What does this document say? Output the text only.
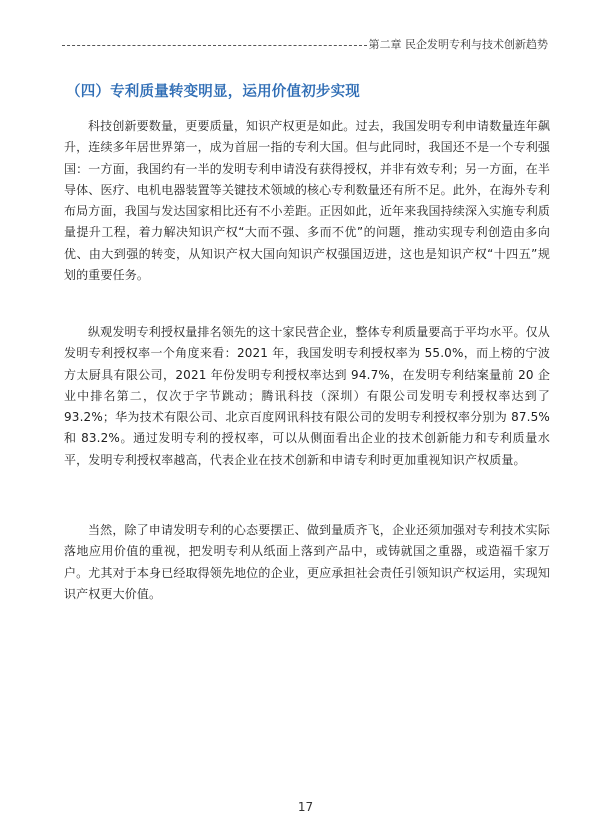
第二章 民企发明专利与技术创新趋势
（四）专利质量转变明显，运用价值初步实现

科技创新要数量，更要质量，知识产权更是如此。过去，我国发明专利申请数量连年飙升，连续多年居世界第一，成为首屈一指的专利大国。但与此同时，我国还不是一个专利强国：一方面，我国约有一半的发明专利申请没有获得授权，并非有效专利；另一方面，在半导体、医疗、电机电器装置等关键技术领域的核心专利数量还有所不足。此外，在海外专利布局方面，我国与发达国家相比还有不小差距。正因如此，近年来我国持续深入实施专利质量提升工程，着力解决知识产权“大而不强、多而不优”的问题，推动实现专利创造由多向优、由大到强的转变，从知识产权大国向知识产权强国迈进，这也是知识产权“十四五”规划的重要任务。

纵观发明专利授权量排名领先的这十家民营企业，整体专利质量要高于平均水平。仅从发明专利授权率一个角度来看：2021 年，我国发明专利授权率为 55.0%，而上榜的宁波方太厨具有限公司，2021 年份发明专利授权率达到 94.7%，在发明专利结案量前 20 企业中排名第二，仅次于字节跳动；腾讯科技（深圳）有限公司发明专利授权率达到了 93.2%；华为技术有限公司、北京百度网讯科技有限公司的发明专利授权率分别为 87.5%和 83.2%。通过发明专利的授权率，可以从侧面看出企业的技术创新能力和专利质量水平，发明专利授权率越高，代表企业在技术创新和申请专利时更加重视知识产权质量。

当然，除了申请发明专利的心态要摆正、做到量质齐飞，企业还须加强对专利技术实际落地应用价值的重视，把发明专利从纸面上落到产品中，或铸就国之重器，或造福千家万户。尤其对于本身已经取得领先地位的企业，更应承担社会责任引领知识产权运用，实现知识产权更大价值。

17
